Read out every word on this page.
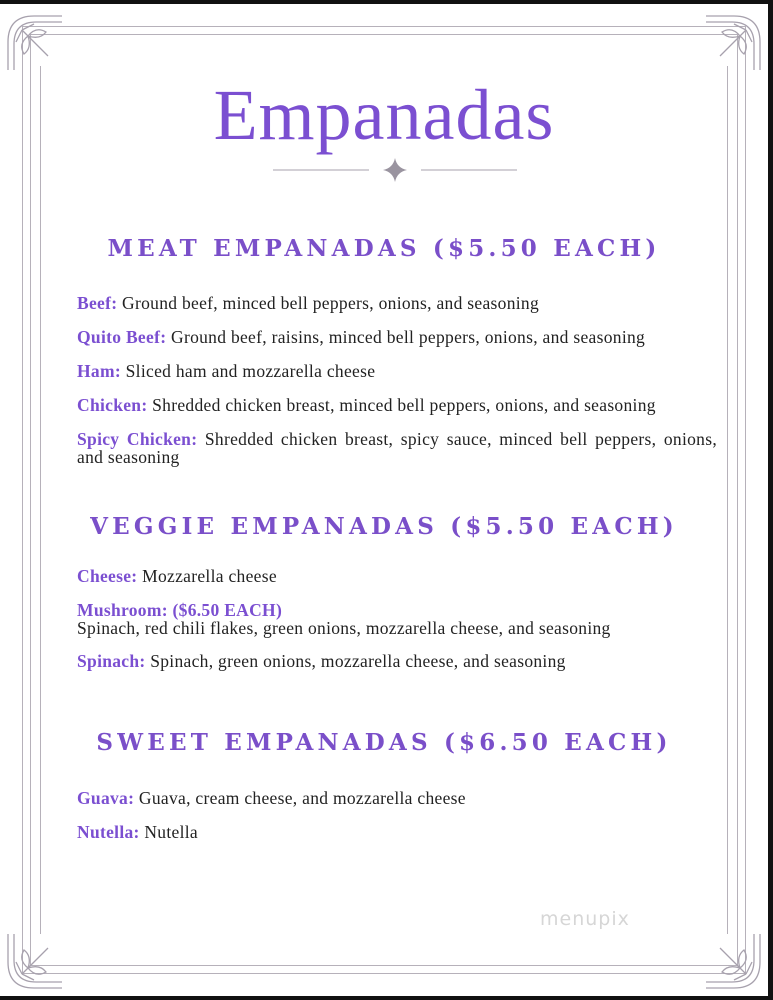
Empanadas
MEAT EMPANADAS ($5.50 EACH)
Beef: Ground beef, minced bell peppers, onions, and seasoning
Quito Beef: Ground beef, raisins, minced bell peppers, onions, and seasoning
Ham: Sliced ham and mozzarella cheese
Chicken: Shredded chicken breast, minced bell peppers, onions, and seasoning
Spicy Chicken: Shredded chicken breast, spicy sauce, minced bell peppers, onions, and seasoning
VEGGIE EMPANADAS ($5.50 EACH)
Cheese: Mozzarella cheese
Mushroom: ($6.50 EACH)
Spinach, red chili flakes, green onions, mozzarella cheese, and seasoning
Spinach: Spinach, green onions, mozzarella cheese, and seasoning
SWEET EMPANADAS ($6.50 EACH)
Guava: Guava, cream cheese, and mozzarella cheese
Nutella: Nutella
menupix
